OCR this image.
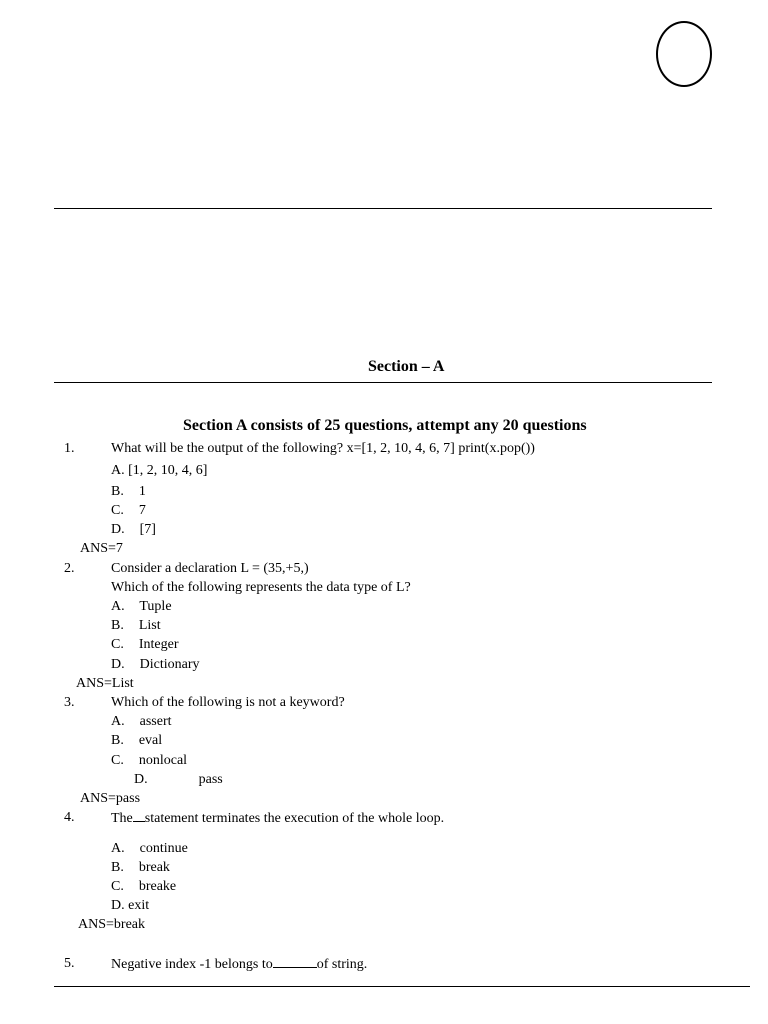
Section – A
Section A consists of 25 questions, attempt any 20 questions
1.	What will be the output of the following? x=[1, 2, 10, 4, 6, 7] print(x.pop())
A. [1, 2, 10, 4, 6]
B. 1
C. 7
D. [7]
ANS=7
2.	Consider a declaration L = (35,+5,)
Which of the following represents the data type of L?
A. Tuple
B. List
C. Integer
D. Dictionary
ANS=List
3.	Which of the following is not a keyword?
A. assert
B. eval
C. nonlocal
D.	pass
ANS=pass
4.	The statement terminates the execution of the whole loop.
A. continue
B. break
C. breake
D. exit
ANS=break
5.	Negative index -1 belongs to	of string.
